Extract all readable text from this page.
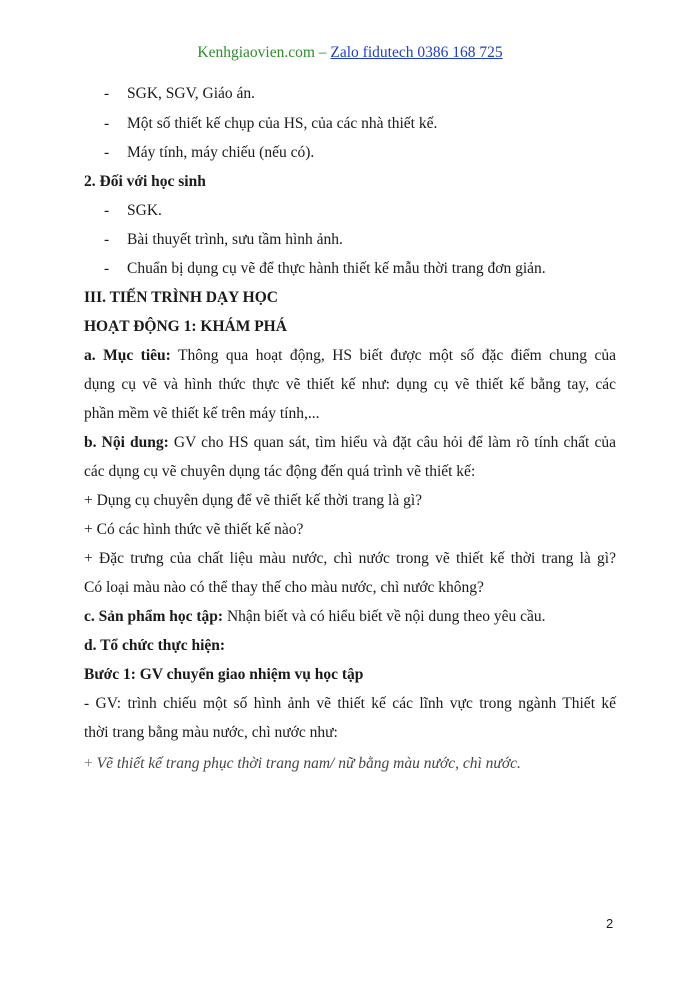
Kenhgiaovien.com – Zalo fidutech 0386 168 725
- SGK, SGV, Giáo án.
- Một số thiết kế chụp của HS, của các nhà thiết kế.
- Máy tính, máy chiếu (nếu có).
2. Đối với học sinh
- SGK.
- Bài thuyết trình, sưu tầm hình ảnh.
- Chuẩn bị dụng cụ vẽ để thực hành thiết kế mẫu thời trang đơn giản.
III. TIẾN TRÌNH DẠY HỌC
HOẠT ĐỘNG 1: KHÁM PHÁ
a. Mục tiêu: Thông qua hoạt động, HS biết được một số đặc điểm chung của
dụng cụ vẽ và hình thức thực vẽ thiết kế như: dụng cụ vẽ thiết kế bằng tay, các
phần mềm vẽ thiết kế trên máy tính,...
b. Nội dung: GV cho HS quan sát, tìm hiểu và đặt câu hỏi để làm rõ tính chất của
các dụng cụ vẽ chuyên dụng tác động đến quá trình vẽ thiết kế:
+ Dụng cụ chuyên dụng để vẽ thiết kế thời trang là gì?
+ Có các hình thức vẽ thiết kế nào?
+ Đặc trưng của chất liệu màu nước, chì nước trong vẽ thiết kế thời trang là gì?
Có loại màu nào có thể thay thế cho màu nước, chì nước không?
c. Sản phẩm học tập: Nhận biết và có hiểu biết về nội dung theo yêu cầu.
d. Tổ chức thực hiện:
Bước 1: GV chuyển giao nhiệm vụ học tập
- GV: trình chiếu một số hình ảnh vẽ thiết kế các lĩnh vực trong ngành Thiết kế
thời trang bằng màu nước, chì nước như:
+ Vẽ thiết kế trang phục thời trang nam/ nữ bằng màu nước, chì nước.
2
